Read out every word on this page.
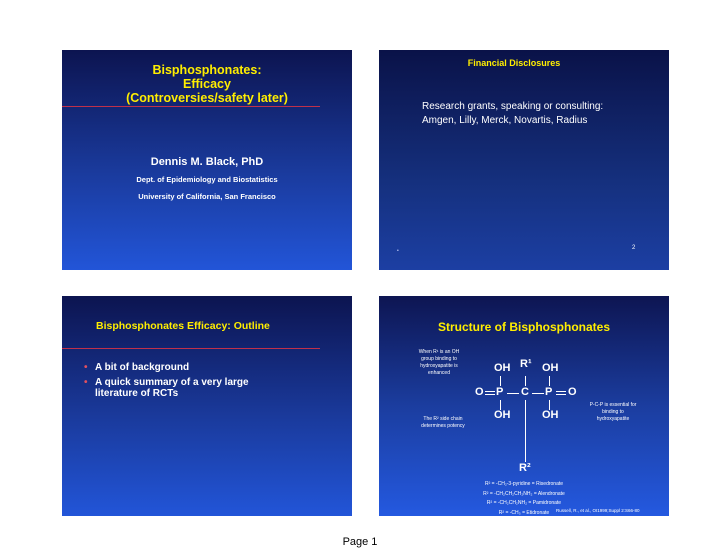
Bisphosphonates:
Efficacy
(Controversies/safety later)
Dennis M. Black, PhD
Dept. of Epidemiology and Biostatistics
University of California, San Francisco
Financial Disclosures
Research grants, speaking or consulting:
Amgen, Lilly, Merck, Novartis, Radius
2
•
Bisphosphonates Efficacy: Outline
• A bit of background
• A quick summary of a very large literature of RCTs
Structure of Bisphosphonates
When R¹ is an OH
group binding to
hydroxyapatite is
enhanced
The R² side chain
determines potency
P-C-P is essential for
binding to
hydroxyapatite
OH R¹ OH
O P C P O
OH	OH
R²
R² = -CH₂-3-pyridine = Risedronate
R² = -CH₂CH₂CH₂NH₂ = Alendronate
R² = -CH₂CH₂NH₂ = Pamidronate
R² = -CH₃ = Etidronate	Russell, R., et al., OI1999;Suppl 2:S66-80
Page 1
